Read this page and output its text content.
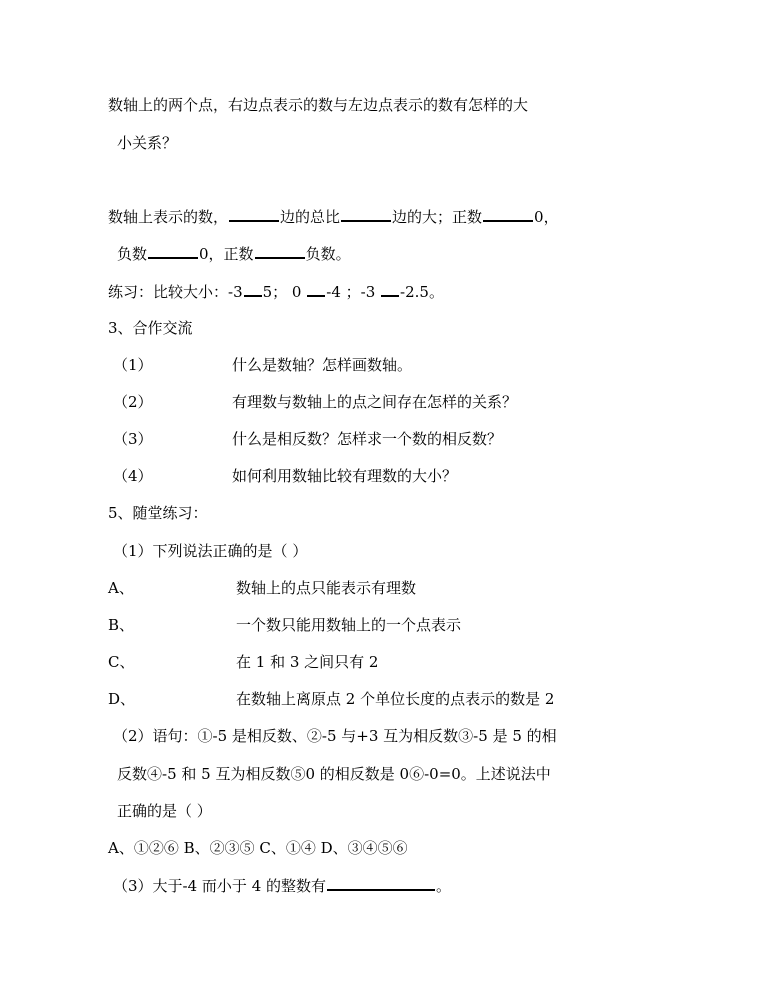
数轴上的两个点，右边点表示的数与左边点表示的数有怎样的大
小关系？
数轴上表示的数，	边的总比	边的大；正数	0，
负数	0，正数	负数。
练习：比较大小：-3 5； 0 -4 ；-3 -2.5。
3、合作交流
（1）	什么是数轴？怎样画数轴。
（2）	有理数与数轴上的点之间存在怎样的关系？
（3）	什么是相反数？怎样求一个数的相反数？
（4）	如何利用数轴比较有理数的大小？
5、随堂练习：
（1）下列说法正确的是（ ）
A、	数轴上的点只能表示有理数
B、	一个数只能用数轴上的一个点表示
C、	在 1 和 3 之间只有 2
D、	在数轴上离原点 2 个单位长度的点表示的数是 2
（2）语句：①-5 是相反数、②-5 与+3 互为相反数③-5 是 5 的相
反数④-5 和 5 互为相反数⑤0 的相反数是 0⑥-0=0。上述说法中
正确的是（ ）
A、①②⑥ B、②③⑤ C、①④ D、③④⑤⑥
（3）大于-4 而小于 4 的整数有	。
